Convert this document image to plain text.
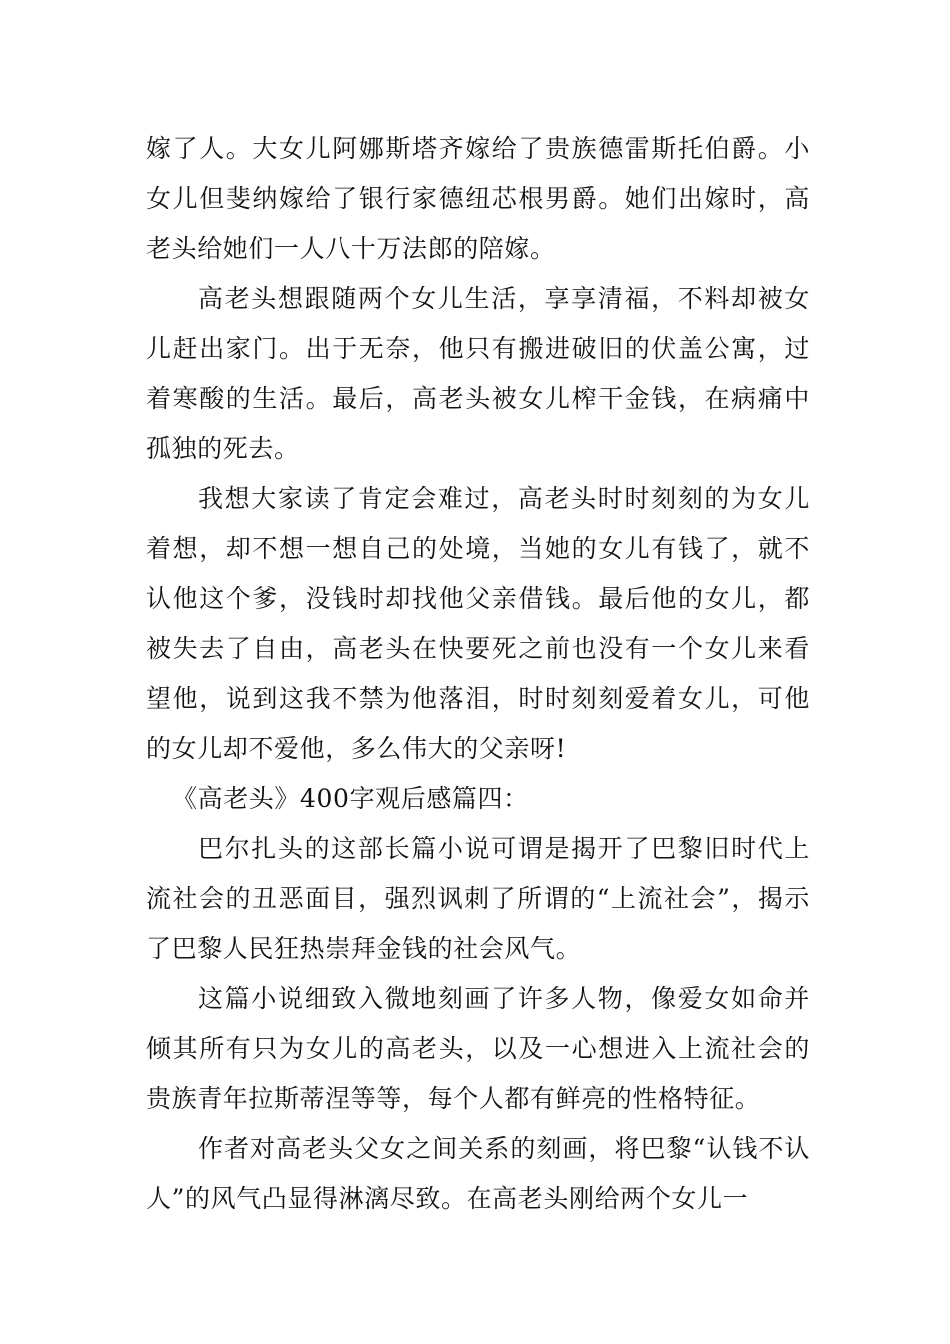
嫁了人。大女儿阿娜斯塔齐嫁给了贵族德雷斯托伯爵。小女儿但斐纳嫁给了银行家德纽芯根男爵。她们出嫁时，高老头给她们一人八十万法郎的陪嫁。

高老头想跟随两个女儿生活，享享清福，不料却被女儿赶出家门。出于无奈，他只有搬进破旧的伏盖公寓，过着寒酸的生活。最后，高老头被女儿榨干金钱，在病痛中孤独的死去。

我想大家读了肯定会难过，高老头时时刻刻的为女儿着想，却不想一想自己的处境，当她的女儿有钱了，就不认他这个爹，没钱时却找他父亲借钱。最后他的女儿，都被失去了自由，高老头在快要死之前也没有一个女儿来看望他，说到这我不禁为他落泪，时时刻刻爱着女儿，可他的女儿却不爱他，多么伟大的父亲呀!

《高老头》400字观后感篇四：

巴尔扎头的这部长篇小说可谓是揭开了巴黎旧时代上流社会的丑恶面目，强烈讽刺了所谓的“上流社会”，揭示了巴黎人民狂热崇拜金钱的社会风气。

这篇小说细致入微地刻画了许多人物，像爱女如命并倾其所有只为女儿的高老头，以及一心想进入上流社会的贵族青年拉斯蒂涅等等，每个人都有鲜亮的性格特征。

作者对高老头父女之间关系的刻画，将巴黎“认钱不认人”的风气凸显得淋漓尽致。在高老头刚给两个女儿一
